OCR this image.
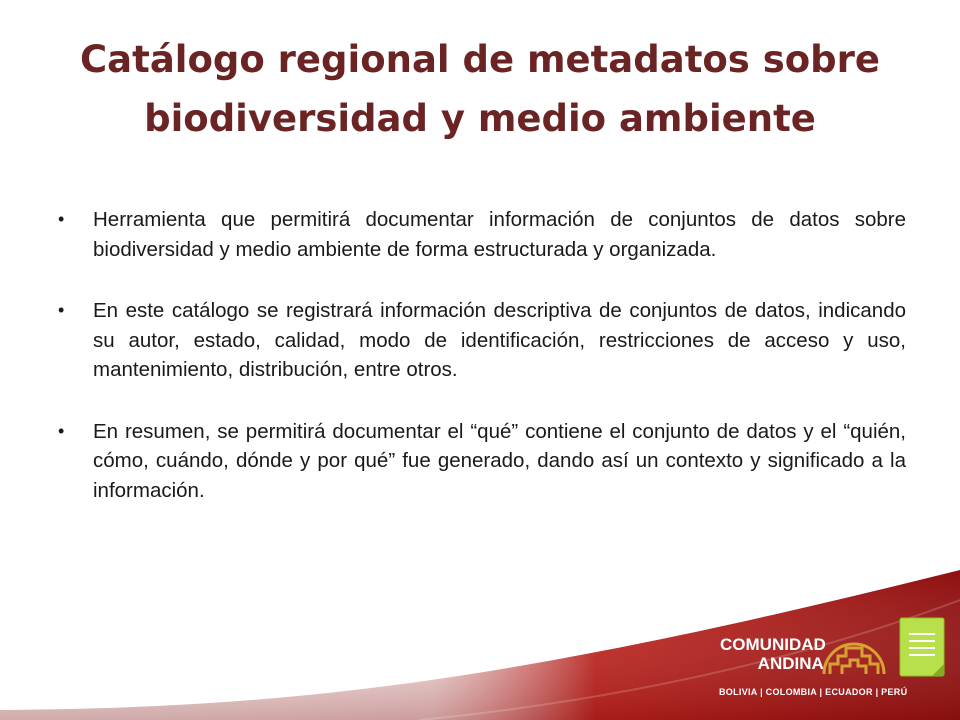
Catálogo regional de metadatos sobre
biodiversidad y medio ambiente
•	Herramienta que permitirá documentar información de conjuntos de datos sobre biodiversidad y medio ambiente de forma estructurada y organizada.
•	En este catálogo se registrará información descriptiva de conjuntos de datos, indicando su autor, estado, calidad, modo de identificación, restricciones de acceso y uso, mantenimiento, distribución, entre otros.
•	En resumen, se permitirá documentar el “qué” contiene el conjunto de datos y el “quién, cómo, cuándo, dónde y por qué” fue generado, dando así un contexto y significado a la información.
COMUNIDAD
ANDINA
BOLIVIA | COLOMBIA | ECUADOR | PERÚ
